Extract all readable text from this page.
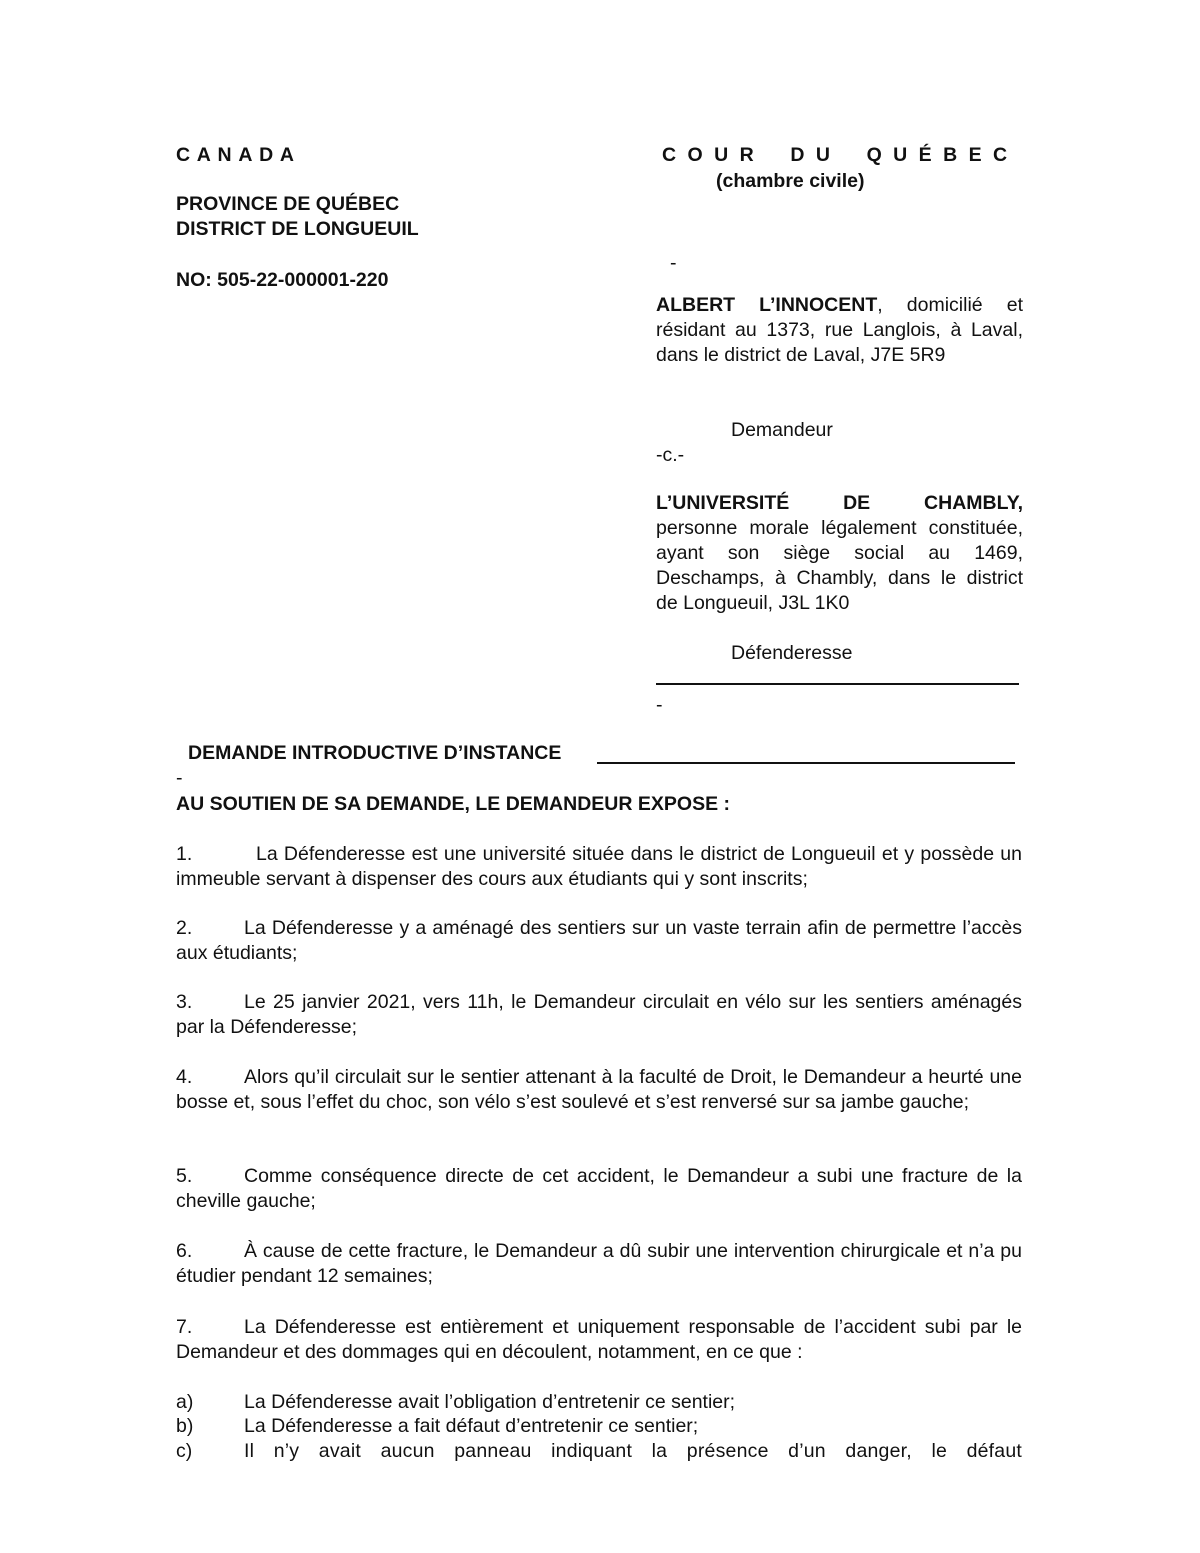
C A N A D A
PROVINCE DE QUÉBEC
DISTRICT DE LONGUEUIL
NO: 505-22-000001-220
C O U R    D U    Q U É B E C
(chambre civile)
-
ALBERT L’INNOCENT, domicilié et résidant au 1373, rue Langlois, à Laval, dans le district de Laval, J7E 5R9
Demandeur
-c.-
L’UNIVERSITÉ DE CHAMBLY,
personne morale légalement constituée, ayant son siège social au 1469, Deschamps, à Chambly, dans le district de Longueuil, J3L 1K0
Défenderesse
-
DEMANDE INTRODUCTIVE D’INSTANCE
-
AU SOUTIEN DE SA DEMANDE, LE DEMANDEUR EXPOSE :
1.	La Défenderesse est une université située dans le district de Longueuil et y possède un immeuble servant à dispenser des cours aux étudiants qui y sont inscrits;
2.	La Défenderesse y a aménagé des sentiers sur un vaste terrain afin de permettre l’accès aux étudiants;
3.	Le 25 janvier 2021, vers 11h, le Demandeur circulait en vélo sur les sentiers aménagés par la Défenderesse;
4.	Alors qu’il circulait sur le sentier attenant à la faculté de Droit, le Demandeur a heurté une bosse et, sous l’effet du choc, son vélo s’est soulevé et s’est renversé sur sa jambe gauche;
5.	Comme conséquence directe de cet accident, le Demandeur a subi une fracture de la cheville gauche;
6.	À cause de cette fracture, le Demandeur a dû subir une intervention chirurgicale et n’a pu étudier pendant 12 semaines;
7.	La Défenderesse est entièrement et uniquement responsable de l’accident subi par le Demandeur et des dommages qui en découlent, notamment, en ce que :
a)	La Défenderesse avait l’obligation d’entretenir ce sentier;
b)	La Défenderesse a fait défaut d’entretenir ce sentier;
c)	Il n’y avait aucun panneau indiquant la présence d’un danger, le défaut
